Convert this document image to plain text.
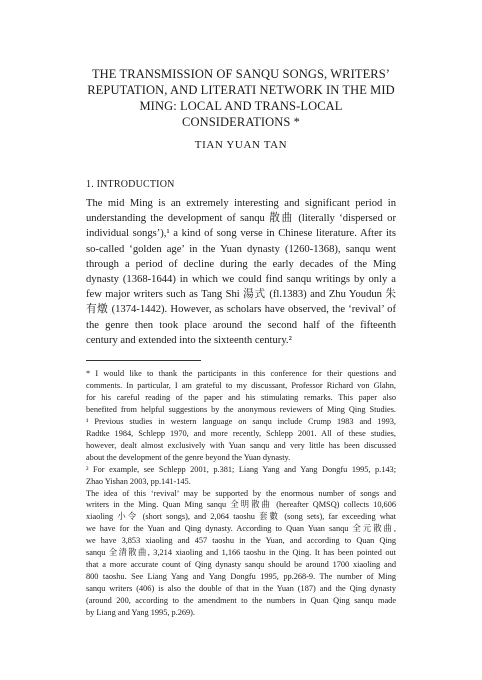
THE TRANSMISSION OF SANQU SONGS, WRITERS’
REPUTATION, AND LITERATI NETWORK IN THE MID
MING: LOCAL AND TRANS-LOCAL
CONSIDERATIONS *
TIAN YUAN TAN
1. INTRODUCTION
The mid Ming is an extremely interesting and significant period in
understanding the development of sanqu 散曲 (literally ‘dispersed or
individual songs’),¹ a kind of song verse in Chinese literature. After its
so-called ‘golden age’ in the Yuan dynasty (1260-1368), sanqu went
through a period of decline during the early decades of the Ming
dynasty (1368-1644) in which we could find sanqu writings by only a
few major writers such as Tang Shi 湯式 (fl.1383) and Zhu Youdun 朱
有燉 (1374-1442). However, as scholars have observed, the ‘revival’ of
the genre then took place around the second half of the fifteenth
century and extended into the sixteenth century.²
* I would like to thank the participants in this conference for their questions and
comments. In particular, I am grateful to my discussant, Professor Richard von Glahn,
for his careful reading of the paper and his stimulating remarks. This paper also
benefited from helpful suggestions by the anonymous reviewers of Ming Qing Studies.
¹ Previous studies in western language on sanqu include Crump 1983 and 1993,
Radtke 1984, Schlepp 1970, and more recently, Schlepp 2001. All of these studies,
however, dealt almost exclusively with Yuan sanqu and very little has been discussed
about the development of the genre beyond the Yuan dynasty.
² For example, see Schlepp 2001, p.381; Liang Yang and Yang Dongfu 1995, p.143;
Zhao Yishan 2003, pp.141-145.
The idea of this ‘revival’ may be supported by the enormous number of songs and
writers in the Ming. Quan Ming sanqu 全明散曲 (hereafter QMSQ) collects 10,606
xiaoling 小令 (short songs), and 2,064 taoshu 套數 (song sets), far exceeding what
we have for the Yuan and Qing dynasty. According to Quan Yuan sanqu 全元散曲,
we have 3,853 xiaoling and 457 taoshu in the Yuan, and according to Quan Qing
sanqu 全清散曲, 3,214 xiaoling and 1,166 taoshu in the Qing. It has been pointed out
that a more accurate count of Qing dynasty sanqu should be around 1700 xiaoling and
800 taoshu. See Liang Yang and Yang Dongfu 1995, pp.268-9. The number of Ming
sanqu writers (406) is also the double of that in the Yuan (187) and the Qing dynasty
(around 200, according to the amendment to the numbers in Quan Qing sanqu made
by Liang and Yang 1995, p.269).
